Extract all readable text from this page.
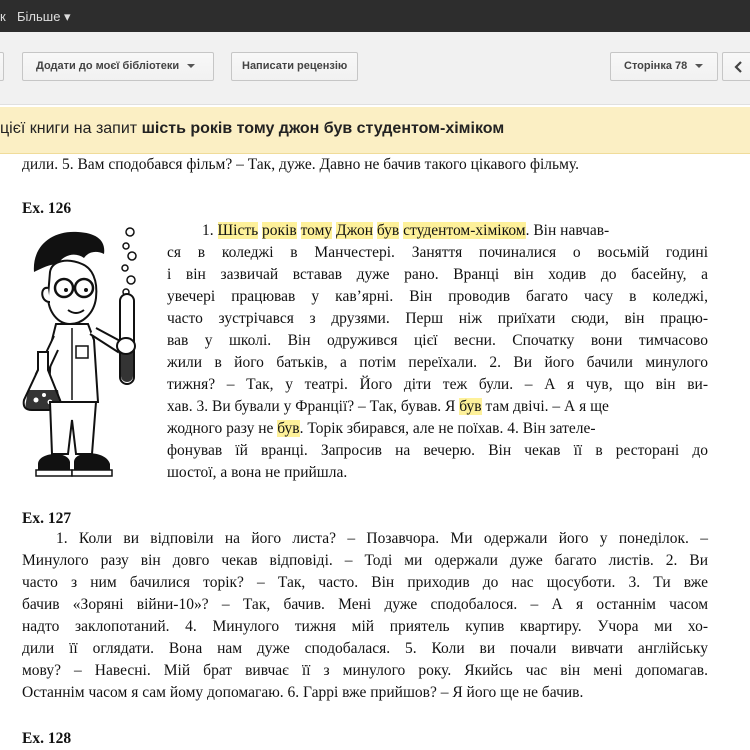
к Більше ▾
Додати до моєї бібліотеки	Написати рецензію	Сторінка 78
цієї книги на запит шість років тому джон був студентом-хіміком
дили. 5. Вам сподобався фільм? – Так, дуже. Давно не бачив такого цікавого фільму.
Ex. 126
1. Шість років тому Джон був студентом-хіміком. Він навчав-
ся в коледжі в Манчестері. Заняття починалися о восьмій годині
і він зазвичай вставав дуже рано. Вранці він ходив до басейну, а
увечері працював у кав’ярні. Він проводив багато часу в коледжі,
часто зустрічався з друзями. Перш ніж приїхати сюди, він працю-
вав у школі. Він одружився цієї весни. Спочатку вони тимчасово
жили в його батьків, а потім переїхали. 2. Ви його бачили минулого
тижня? – Так, у театрі. Його діти теж були. – А я чув, що він ви-
хав. 3. Ви бували у Франції? – Так, бував. Я був там двічі. – А я ще
жодного разу не був. Торік збирався, але не поїхав. 4. Він зателе-
фонував їй вранці. Запросив на вечерю. Він чекав її в ресторані до
шостої, а вона не прийшла.
Ex. 127
1. Коли ви відповіли на його листа? – Позавчора. Ми одержали його у понеділок. –
Минулого разу він довго чекав відповіді. – Тоді ми одержали дуже багато листів. 2. Ви
часто з ним бачилися торік? – Так, часто. Він приходив до нас щосуботи. 3. Ти вже
бачив «Зоряні війни-10»? – Так, бачив. Мені дуже сподобалося. – А я останнім часом
надто заклопотаний. 4. Минулого тижня мій приятель купив квартиру. Учора ми хо-
дили її оглядати. Вона нам дуже сподобалася. 5. Коли ви почали вивчати англійську
мову? – Навесні. Мій брат вивчає її з минулого року. Якийсь час він мені допомагав.
Останнім часом я сам йому допомагаю. 6. Гаррі вже прийшов? – Я його ще не бачив.
Ex. 128
